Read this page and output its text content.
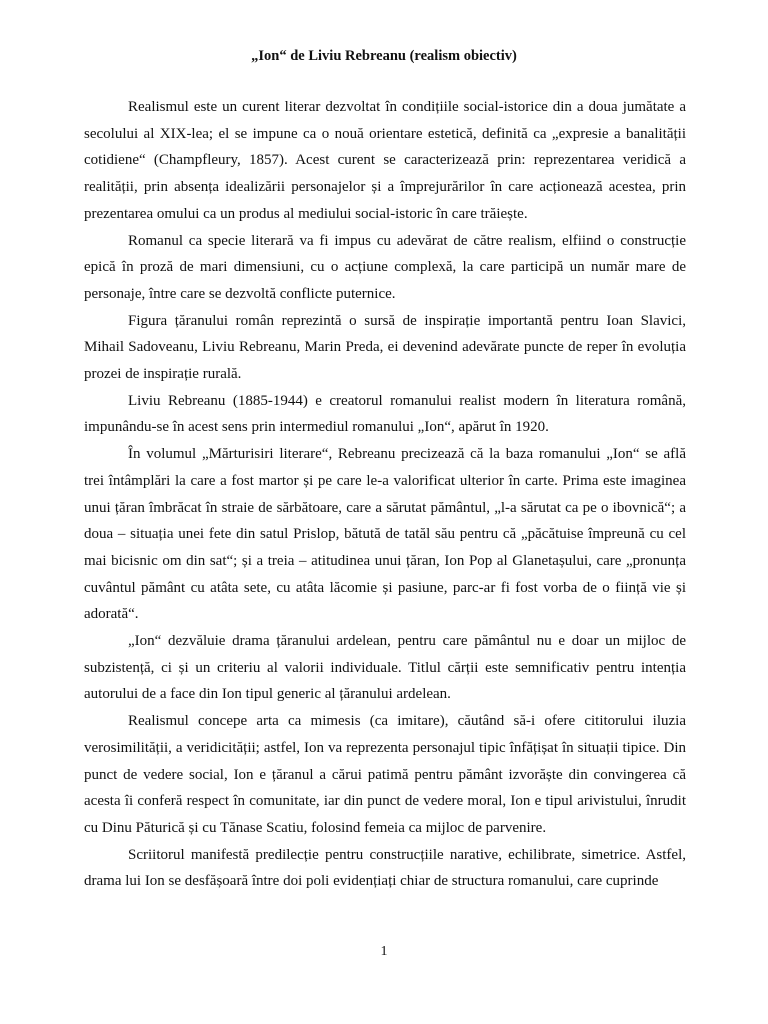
„Ion“ de Liviu Rebreanu (realism obiectiv)

Realismul este un curent literar dezvoltat în condițiile social-istorice din a doua jumătate a secolului al XIX-lea; el se impune ca o nouă orientare estetică, definită ca „expresie a banalității cotidiene“ (Champfleury, 1857). Acest curent se caracterizează prin: reprezentarea veridică a realității, prin absența idealizării personajelor și a împrejurărilor în care acționează acestea, prin prezentarea omului ca un produs al mediului social-istoric în care trăiește.

Romanul ca specie literară va fi impus cu adevărat de către realism, elfiind o construcție epică în proză de mari dimensiuni, cu o acțiune complexă, la care participă un număr mare de personaje, între care se dezvoltă conflicte puternice.

Figura țăranului român reprezintă o sursă de inspirație importantă pentru Ioan Slavici, Mihail Sadoveanu, Liviu Rebreanu, Marin Preda, ei devenind adevărate puncte de reper în evoluția prozei de inspirație rurală.

Liviu Rebreanu (1885-1944) e creatorul romanului realist modern în literatura română, impunându-se în acest sens prin intermediul romanului „Ion“, apărut în 1920.

În volumul „Mărturisiri literare“, Rebreanu precizează că la baza romanului „Ion“ se află trei întâmplări la care a fost martor și pe care le-a valorificat ulterior în carte. Prima este imaginea unui țăran îmbrăcat în straie de sărbătoare, care a sărutat pământul, „l-a sărutat ca pe o ibovnică“; a doua – situația unei fete din satul Prislop, bătută de tatăl său pentru că „păcătuise împreună cu cel mai bicisnic om din sat“; și a treia – atitudinea unui țăran, Ion Pop al Glanetașului, care „pronunța cuvântul pământ cu atâta sete, cu atâta lăcomie și pasiune, parc-ar fi fost vorba de o ființă vie și adorată“.

„Ion“ dezvăluie drama țăranului ardelean, pentru care pământul nu e doar un mijloc de subzistență, ci și un criteriu al valorii individuale. Titlul cărții este semnificativ pentru intenția autorului de a face din Ion tipul generic al țăranului ardelean.

Realismul concepe arta ca mimesis (ca imitare), căutând să-i ofere cititorului iluzia verosimilității, a veridicității; astfel, Ion va reprezenta personajul tipic înfățișat în situații tipice. Din punct de vedere social, Ion e țăranul a cărui patimă pentru pământ izvorăște din convingerea că acesta îi conferă respect în comunitate, iar din punct de vedere moral, Ion e tipul arivistului, înrudit cu Dinu Păturică și cu Tănase Scatiu, folosind femeia ca mijloc de parvenire.

Scriitorul manifestă predilecție pentru construcțiile narative, echilibrate, simetrice. Astfel, drama lui Ion se desfășoară între doi poli evidențiați chiar de structura romanului, care cuprinde

1
